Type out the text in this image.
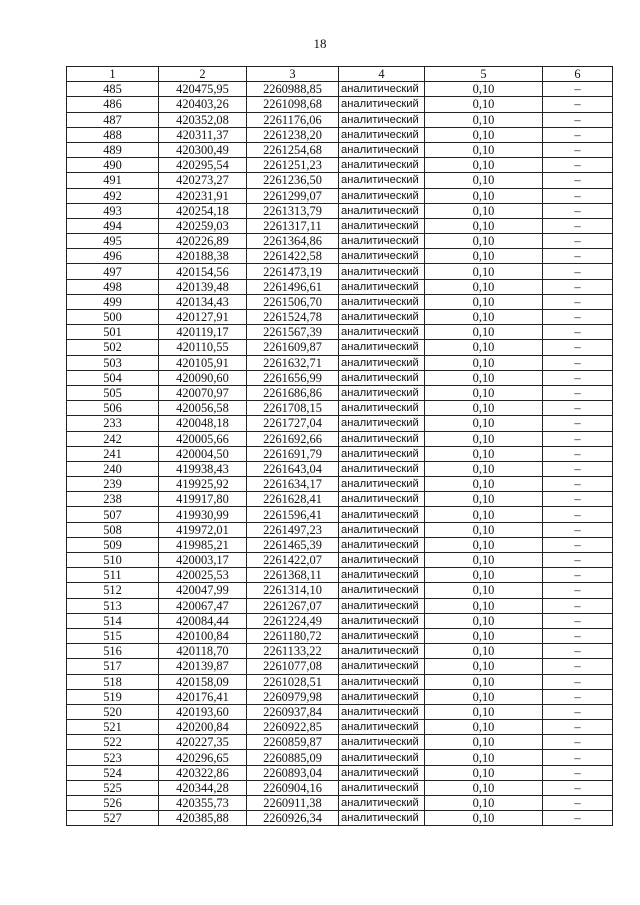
18
1	2	3	4	5	6
485	420475,95	2260988,85	аналитический	0,10	–
486	420403,26	2261098,68	аналитический	0,10	–
487	420352,08	2261176,06	аналитический	0,10	–
488	420311,37	2261238,20	аналитический	0,10	–
489	420300,49	2261254,68	аналитический	0,10	–
490	420295,54	2261251,23	аналитический	0,10	–
491	420273,27	2261236,50	аналитический	0,10	–
492	420231,91	2261299,07	аналитический	0,10	–
493	420254,18	2261313,79	аналитический	0,10	–
494	420259,03	2261317,11	аналитический	0,10	–
495	420226,89	2261364,86	аналитический	0,10	–
496	420188,38	2261422,58	аналитический	0,10	–
497	420154,56	2261473,19	аналитический	0,10	–
498	420139,48	2261496,61	аналитический	0,10	–
499	420134,43	2261506,70	аналитический	0,10	–
500	420127,91	2261524,78	аналитический	0,10	–
501	420119,17	2261567,39	аналитический	0,10	–
502	420110,55	2261609,87	аналитический	0,10	–
503	420105,91	2261632,71	аналитический	0,10	–
504	420090,60	2261656,99	аналитический	0,10	–
505	420070,97	2261686,86	аналитический	0,10	–
506	420056,58	2261708,15	аналитический	0,10	–
233	420048,18	2261727,04	аналитический	0,10	–
242	420005,66	2261692,66	аналитический	0,10	–
241	420004,50	2261691,79	аналитический	0,10	–
240	419938,43	2261643,04	аналитический	0,10	–
239	419925,92	2261634,17	аналитический	0,10	–
238	419917,80	2261628,41	аналитический	0,10	–
507	419930,99	2261596,41	аналитический	0,10	–
508	419972,01	2261497,23	аналитический	0,10	–
509	419985,21	2261465,39	аналитический	0,10	–
510	420003,17	2261422,07	аналитический	0,10	–
511	420025,53	2261368,11	аналитический	0,10	–
512	420047,99	2261314,10	аналитический	0,10	–
513	420067,47	2261267,07	аналитический	0,10	–
514	420084,44	2261224,49	аналитический	0,10	–
515	420100,84	2261180,72	аналитический	0,10	–
516	420118,70	2261133,22	аналитический	0,10	–
517	420139,87	2261077,08	аналитический	0,10	–
518	420158,09	2261028,51	аналитический	0,10	–
519	420176,41	2260979,98	аналитический	0,10	–
520	420193,60	2260937,84	аналитический	0,10	–
521	420200,84	2260922,85	аналитический	0,10	–
522	420227,35	2260859,87	аналитический	0,10	–
523	420296,65	2260885,09	аналитический	0,10	–
524	420322,86	2260893,04	аналитический	0,10	–
525	420344,28	2260904,16	аналитический	0,10	–
526	420355,73	2260911,38	аналитический	0,10	–
527	420385,88	2260926,34	аналитический	0,10	–
